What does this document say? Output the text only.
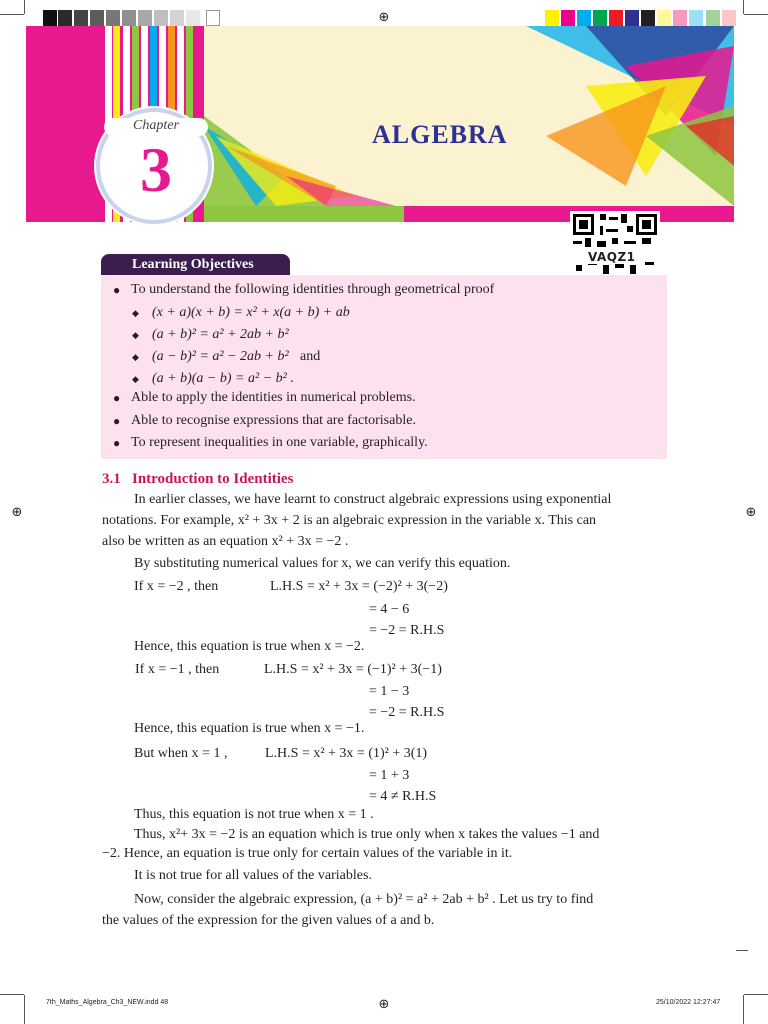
⊕
⊕	⊕
⊕
Chapter
3	ALGEBRA
VAQZ1
Learning Objectives
● To understand the following identities through geometrical proof
◆ (x + a)(x + b) = x² + x(a + b) + ab
◆ (a + b)² = a² + 2ab + b²
◆ (a − b)² = a² − 2ab + b² and
◆ (a + b)(a − b) = a² − b² .
● Able to apply the identities in numerical problems.
● Able to recognise expressions that are factorisable.
● To represent inequalities in one variable, graphically.
3.1 Introduction to Identities
In earlier classes, we have learnt to construct algebraic expressions using exponential
notations. For example, x² + 3x + 2 is an algebraic expression in the variable x. This can
also be written as an equation x² + 3x = −2 .
By substituting numerical values for x, we can verify this equation.
If x = −2 , then	L.H.S = x² + 3x = (−2)² + 3(−2)
= 4 − 6
= −2 = R.H.S
Hence, this equation is true when x = −2.
If x = −1 , then	L.H.S = x² + 3x = (−1)² + 3(−1)
= 1 − 3
= −2 = R.H.S
Hence, this equation is true when x = −1.
But when x = 1 ,	L.H.S = x² + 3x = (1)² + 3(1)
= 1 + 3
= 4 ≠ R.H.S
Thus, this equation is not true when x = 1 .
Thus, x²+ 3x = −2 is an equation which is true only when x takes the values −1 and
−2. Hence, an equation is true only for certain values of the variable in it.
It is not true for all values of the variables.
Now, consider the algebraic expression, (a + b)² = a² + 2ab + b² . Let us try to find
the values of the expression for the given values of a and b.
7th_Maths_Algebra_Ch3_NEW.indd 48	25/10/2022 12:27:47
